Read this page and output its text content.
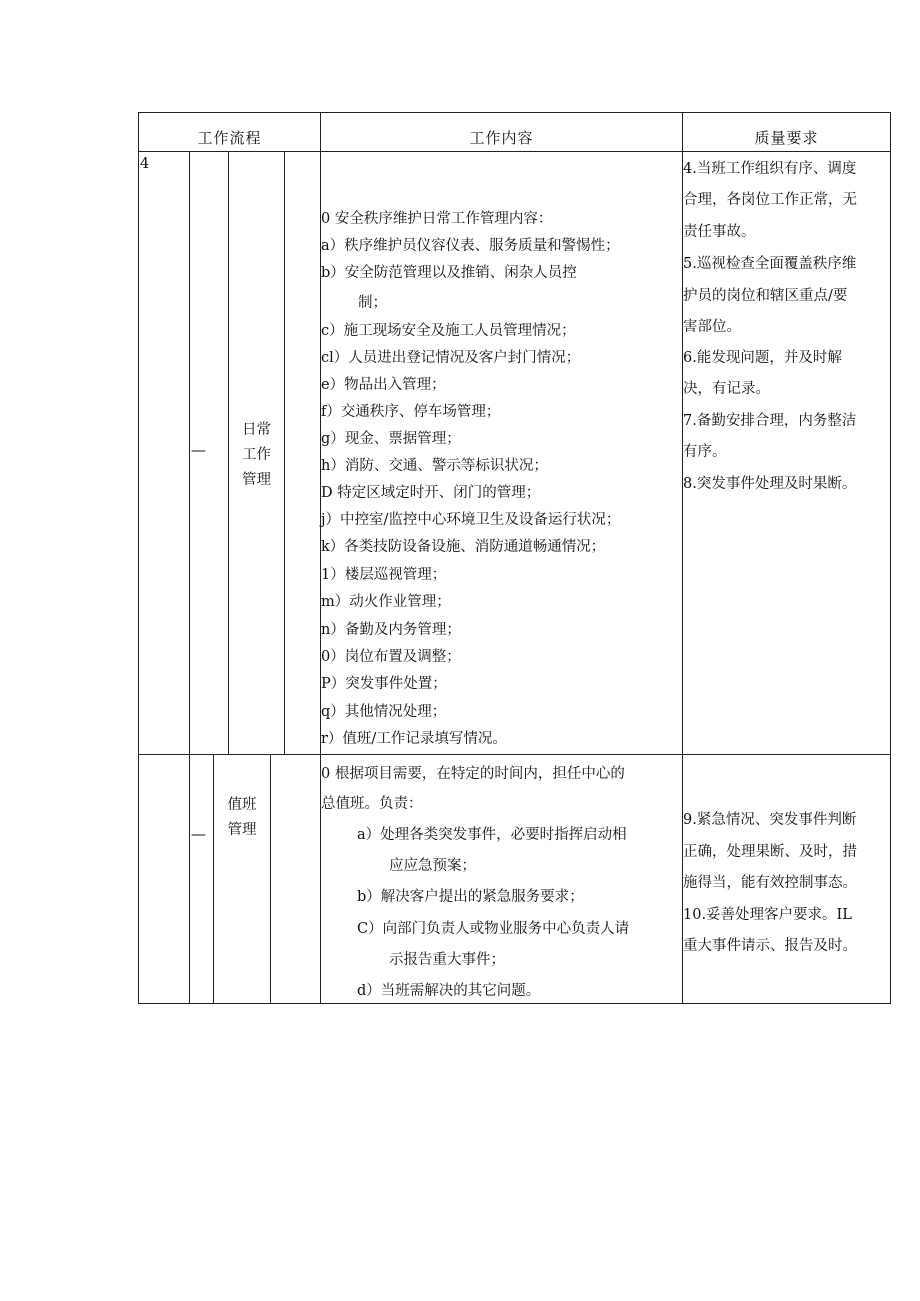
工作流程	工作内容	质量要求
4
—
日常
工作
管理
0 安全秩序维护日常工作管理内容：
a）秩序维护员仪容仪表、服务质量和警惕性；
b）安全防范管理以及推销、闲杂人员控
制；
c）施工现场安全及施工人员管理情况；
cl）人员进出登记情况及客户封门情况；
e）物品出入管理；
f）交通秩序、停车场管理；
g）现金、票据管理；
h）消防、交通、警示等标识状况；
D 特定区域定时开、闭门的管理；
j）中控室/监控中心环境卫生及设备运行状况；
k）各类技防设备设施、消防通道畅通情况；
1）楼层巡视管理；
m）动火作业管理；
n）备勤及内务管理；
0）岗位布置及调整；
P）突发事件处置；
q）其他情况处理；
r）值班/工作记录填写情况。
4.当班工作组织有序、调度
合理，各岗位工作正常，无
责任事故。
5.巡视检查全面覆盖秩序维
护员的岗位和辖区重点/要
害部位。
6.能发现问题，并及时解
决，有记录。
7.备勤安排合理，内务整洁
有序。
8.突发事件处理及时果断。
—
值班
管理
0 根据项目需要，在特定的时间内，担任中心的
总值班。负责：
a）处理各类突发事件，必要时指挥启动相
应应急预案；
b）解决客户提出的紧急服务要求；
C）向部门负责人或物业服务中心负责人请
示报告重大事件；
d）当班需解决的其它问题。
9.紧急情况、突发事件判断
正确，处理果断、及时，措
施得当，能有效控制事态。
10.妥善处理客户要求。IL
重大事件请示、报告及时。
